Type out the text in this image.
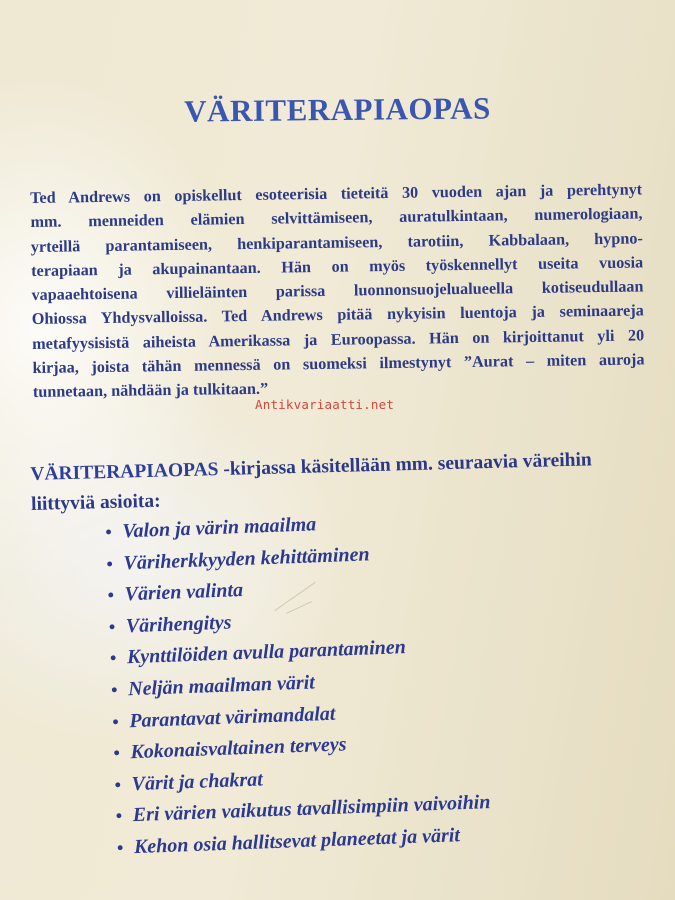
VÄRITERAPIAOPAS
Ted Andrews on opiskellut esoteerisia tieteitä 30 vuoden ajan ja perehtynyt
mm. menneiden elämien selvittämiseen, auratulkintaan, numerologiaan,
yrteillä parantamiseen, henkiparantamiseen, tarotiin, Kabbalaan, hypno-
terapiaan ja akupainantaan. Hän on myös työskennellyt useita vuosia
vapaaehtoisena villieläinten parissa luonnonsuojelualueella kotiseudullaan
Ohiossa Yhdysvalloissa. Ted Andrews pitää nykyisin luentoja ja seminaareja
metafyysisistä aiheista Amerikassa ja Euroopassa. Hän on kirjoittanut yli 20
kirjaa, joista tähän mennessä on suomeksi ilmestynyt ”Aurat – miten auroja
tunnetaan, nähdään ja tulkitaan.”
Antikvariaatti.net
VÄRITERAPIAOPAS -kirjassa käsitellään mm. seuraavia väreihin liittyviä asioita:
• Valon ja värin maailma
• Väriherkkyyden kehittäminen
• Värien valinta
• Värihengitys
• Kynttilöiden avulla parantaminen
• Neljän maailman värit
• Parantavat värimandalat
• Kokonaisvaltainen terveys
• Värit ja chakrat
• Eri värien vaikutus tavallisimpiin vaivoihin
• Kehon osia hallitsevat planeetat ja värit
